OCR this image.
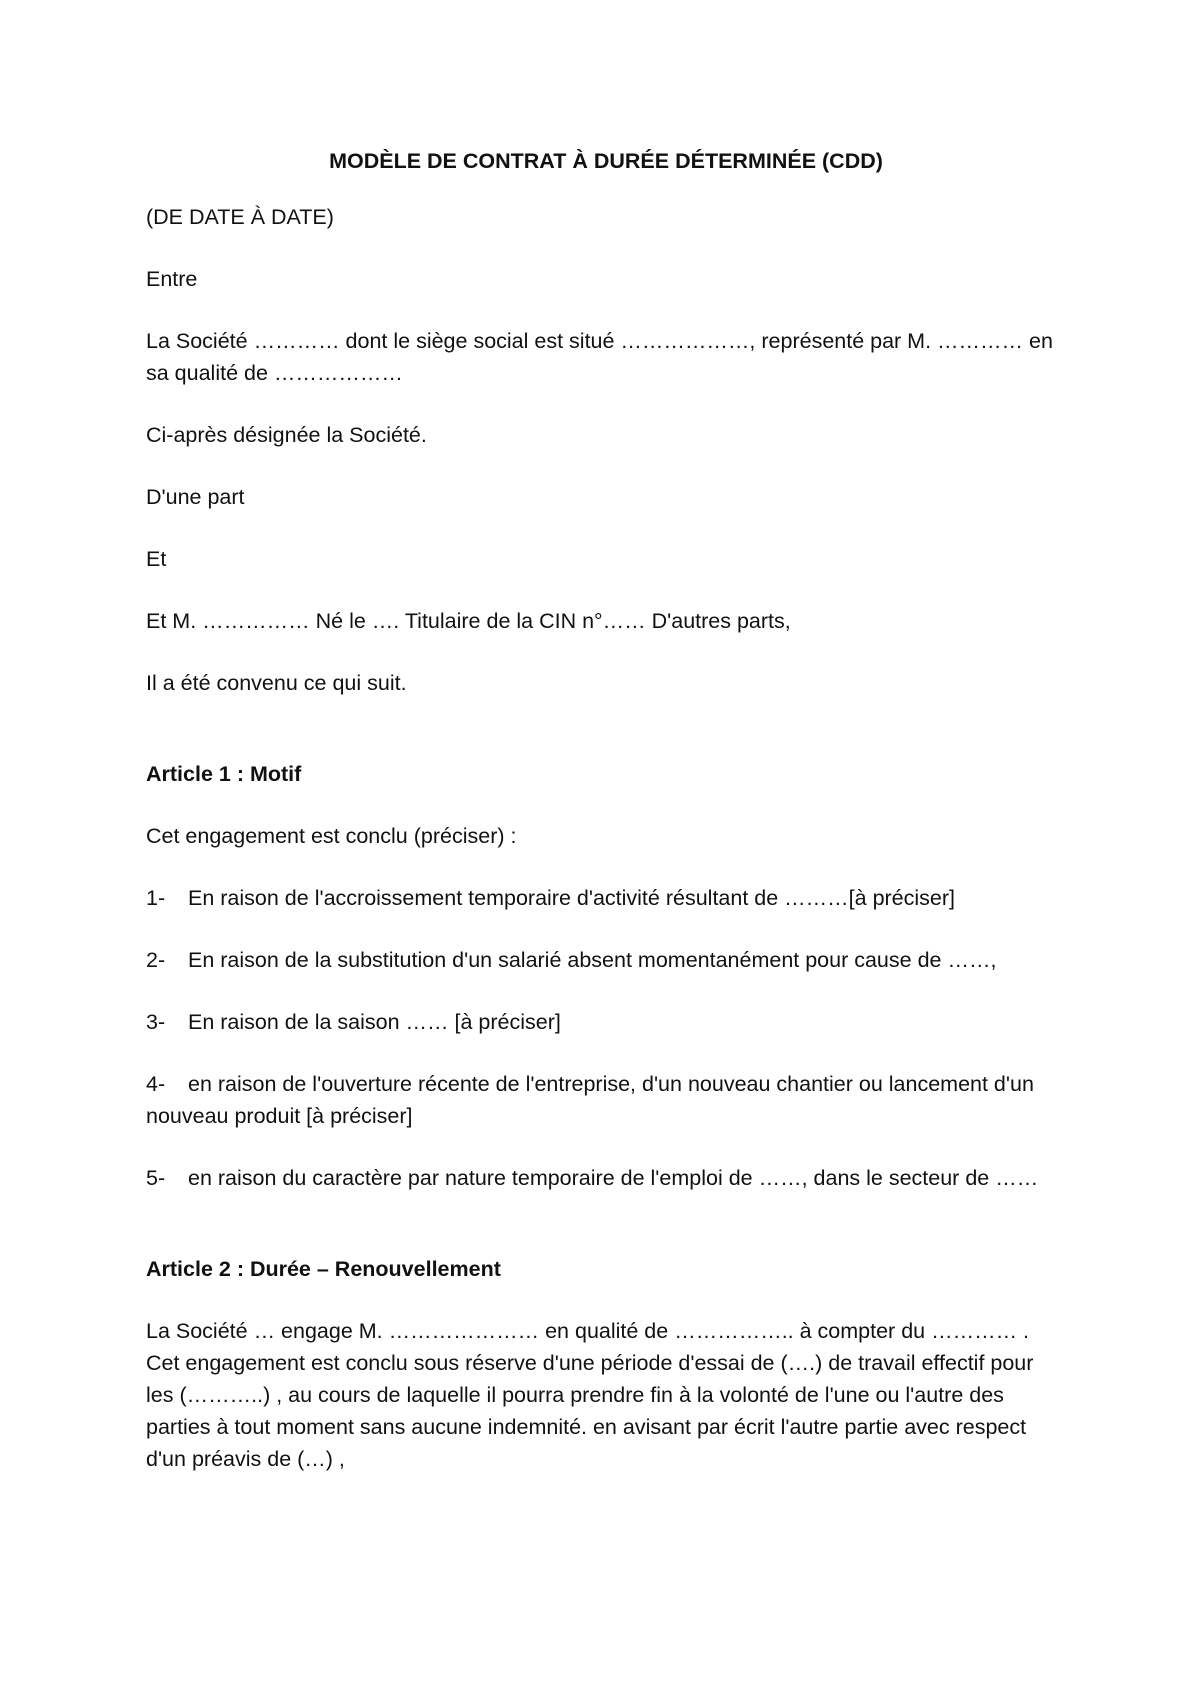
MODÈLE DE CONTRAT À DURÉE DÉTERMINÉE (CDD)

(DE DATE À DATE)

Entre

La Société ………… dont le siège social est situé ………………, représenté par M. ………… en sa qualité de ………………

Ci-après désignée la Société.

D'une part

Et

Et M. …………… Né le …. Titulaire de la CIN n°…… D'autres parts,

Il a été convenu ce qui suit.

Article 1 : Motif

Cet engagement est conclu (préciser) :

1- En raison de l'accroissement temporaire d'activité résultant de ………[à préciser]
2- En raison de la substitution d'un salarié absent momentanément pour cause de ……,
3- En raison de la saison …… [à préciser]
4- en raison de l'ouverture récente de l'entreprise, d'un nouveau chantier ou lancement d'un nouveau produit [à préciser]
5- en raison du caractère par nature temporaire de l'emploi de ……, dans le secteur de ……
Article 2 : Durée – Renouvellement

La Société … engage M. ………………… en qualité de …………….. à compter du ………… . Cet engagement est conclu sous réserve d'une période d'essai de (….) de travail effectif pour les (………..) , au cours de laquelle il pourra prendre fin à la volonté de l'une ou l'autre des parties à tout moment sans aucune indemnité. en avisant par écrit l'autre partie avec respect d'un préavis de (…) ,
